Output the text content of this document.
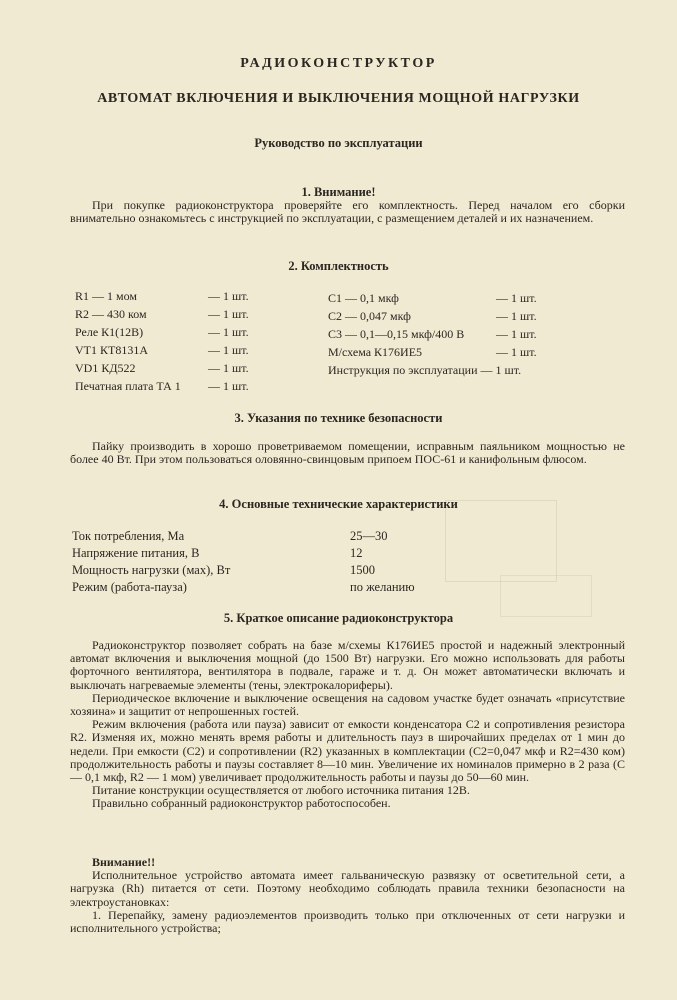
РАДИОКОНСТРУКТОР
АВТОМАТ ВКЛЮЧЕНИЯ И ВЫКЛЮЧЕНИЯ МОЩНОЙ НАГРУЗКИ
Руководство по эксплуатации
1. Внимание!
При покупке радиоконструктора проверяйте его комплектность. Перед началом его сборки внимательно ознакомьтесь с инструкцией по эксплуатации, с размещением деталей и их назначением.
2. Комплектность
R1 — 1 мом	— 1 шт.
R2 — 430 ком	— 1 шт.
Реле К1(12В)	— 1 шт.
VT1 КТ8131А	— 1 шт.
VD1 КД522	— 1 шт.
Печатная плата ТА 1 — 1 шт.
С1 — 0,1 мкф	— 1 шт.
С2 — 0,047 мкф	— 1 шт.
С3 — 0,1—0,15 мкф/400 В	— 1 шт.
М/схема К176ИЕ5	— 1 шт.
Инструкция по эксплуатации — 1 шт.
3. Указания по технике безопасности
Пайку производить в хорошо проветриваемом помещении, исправным паяльником мощностью не более 40 Вт. При этом пользоваться оловянно-свинцовым припоем ПОС-61 и канифольным флюсом.
4. Основные технические характеристики
Ток потребления, Ма	25—30
Напряжение питания, В	12
Мощность нагрузки (мах), Вт	1500
Режим (работа-пауза)	по желанию
5. Краткое описание радиоконструктора

Радиоконструктор позволяет собрать на базе м/схемы К176ИЕ5 простой и надежный электронный автомат включения и выключения мощной (до 1500 Вт) нагрузки. Его можно использовать для работы форточного вентилятора, вентилятора в подвале, гараже и т. д. Он может автоматически включать и выключать нагреваемые элементы (тены, электрокалориферы).

Периодическое включение и выключение освещения на садовом участке будет означать «присутствие хозяина» и защитит от непрошенных гостей.

Режим включения (работа или пауза) зависит от емкости конденсатора С2 и сопротивления резистора R2. Изменяя их, можно менять время работы и длительность пауз в широчайших пределах от 1 мин до недели. При емкости (С2) и сопротивлении (R2) указанных в комплектации (С2=0,047 мкф и R2=430 ком) продолжительность работы и паузы составляет 8—10 мин. Увеличение их номиналов примерно в 2 раза (С — 0,1 мкф, R2 — 1 мом) увеличивает продолжительность работы и паузы до 50—60 мин.

Питание конструкции осуществляется от любого источника питания 12В.

Правильно собранный радиоконструктор работоспособен.

Внимание!!

Исполнительное устройство автомата имеет гальваническую развязку от осветительной сети, а нагрузка (Rh) питается от сети. Поэтому необходимо соблюдать правила техники безопасности на электроустановках:

1. Перепайку, замену радиоэлементов производить только при отключенных от сети нагрузки и исполнительного устройства;
